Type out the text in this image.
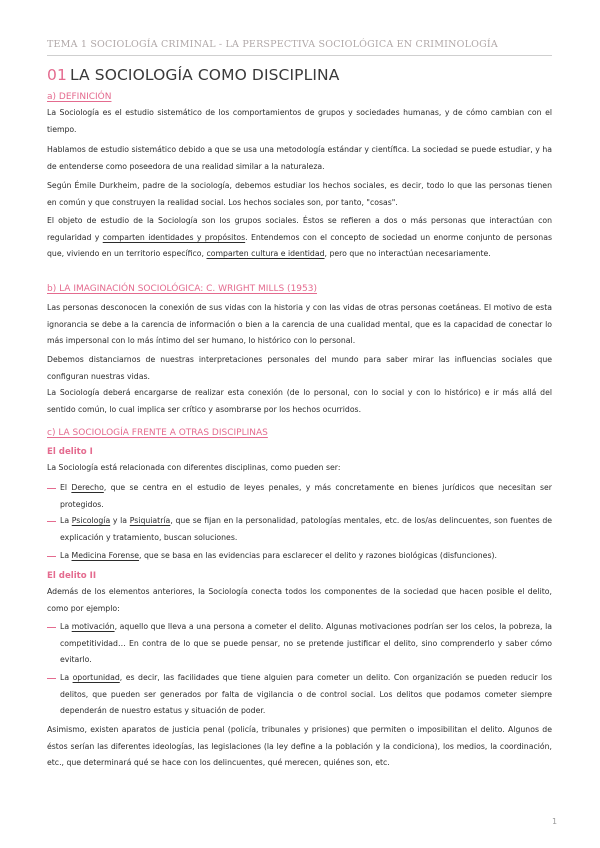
TEMA 1 SOCIOLOGÍA CRIMINAL - LA PERSPECTIVA SOCIOLÓGICA EN CRIMINOLOGÍA
01 LA SOCIOLOGÍA COMO DISCIPLINA
a) DEFINICIÓN
La Sociología es el estudio sistemático de los comportamientos de grupos y sociedades humanas, y de cómo cambian con el tiempo.
Hablamos de estudio sistemático debido a que se usa una metodología estándar y científica. La sociedad se puede estudiar, y ha de entenderse como poseedora de una realidad similar a la naturaleza.
Según Émile Durkheim, padre de la sociología, debemos estudiar los hechos sociales, es decir, todo lo que las personas tienen en común y que construyen la realidad social. Los hechos sociales son, por tanto, "cosas".
El objeto de estudio de la Sociología son los grupos sociales. Éstos se refieren a dos o más personas que interactúan con regularidad y comparten identidades y propósitos. Entendemos con el concepto de sociedad un enorme conjunto de personas que, viviendo en un territorio específico, comparten cultura e identidad, pero que no interactúan necesariamente.
b) LA IMAGINACIÓN SOCIOLÓGICA: C. WRIGHT MILLS (1953)
Las personas desconocen la conexión de sus vidas con la historia y con las vidas de otras personas coetáneas. El motivo de esta ignorancia se debe a la carencia de información o bien a la carencia de una cualidad mental, que es la capacidad de conectar lo más impersonal con lo más íntimo del ser humano, lo histórico con lo personal.
Debemos distanciarnos de nuestras interpretaciones personales del mundo para saber mirar las influencias sociales que configuran nuestras vidas.
La Sociología deberá encargarse de realizar esta conexión (de lo personal, con lo social y con lo histórico) e ir más allá del sentido común, lo cual implica ser crítico y asombrarse por los hechos ocurridos.
c) LA SOCIOLOGÍA FRENTE A OTRAS DISCIPLINAS
El delito I
La Sociología está relacionada con diferentes disciplinas, como pueden ser:
El Derecho, que se centra en el estudio de leyes penales, y más concretamente en bienes jurídicos que necesitan ser protegidos.
La Psicología y la Psiquiatría, que se fijan en la personalidad, patologías mentales, etc. de los/as delincuentes, son fuentes de explicación y tratamiento, buscan soluciones.
La Medicina Forense, que se basa en las evidencias para esclarecer el delito y razones biológicas (disfunciones).
El delito II
Además de los elementos anteriores, la Sociología conecta todos los componentes de la sociedad que hacen posible el delito, como por ejemplo:
La motivación, aquello que lleva a una persona a cometer el delito. Algunas motivaciones podrían ser los celos, la pobreza, la competitividad… En contra de lo que se puede pensar, no se pretende justificar el delito, sino comprenderlo y saber cómo evitarlo.
La oportunidad, es decir, las facilidades que tiene alguien para cometer un delito. Con organización se pueden reducir los delitos, que pueden ser generados por falta de vigilancia o de control social. Los delitos que podamos cometer siempre dependerán de nuestro estatus y situación de poder.
Asimismo, existen aparatos de justicia penal (policía, tribunales y prisiones) que permiten o imposibilitan el delito. Algunos de éstos serían las diferentes ideologías, las legislaciones (la ley define a la población y la condiciona), los medios, la coordinación, etc., que determinará qué se hace con los delincuentes, qué merecen, quiénes son, etc.
1
